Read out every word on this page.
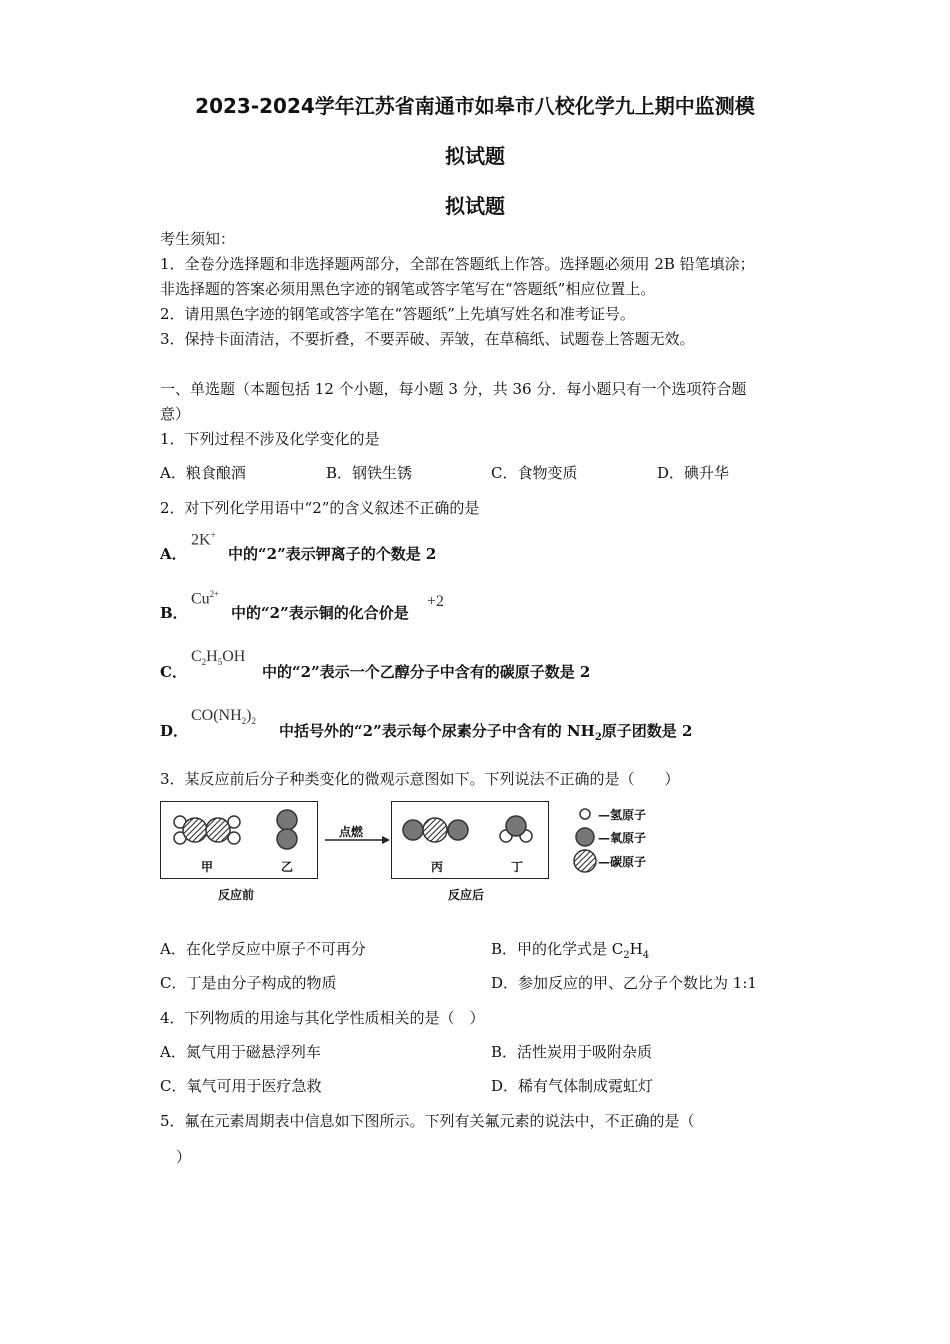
2023-2024学年江苏省南通市如皋市八校化学九上期中监测模
拟试题
拟试题
考生须知：
1．全卷分选择题和非选择题两部分，全部在答题纸上作答。选择题必须用 2B 铅笔填涂；
非选择题的答案必须用黑色字迹的钢笔或答字笔写在“答题纸”相应位置上。
2．请用黑色字迹的钢笔或答字笔在“答题纸”上先填写姓名和准考证号。
3．保持卡面清洁，不要折叠，不要弄破、弄皱，在草稿纸、试题卷上答题无效。
一、单选题（本题包括 12 个小题，每小题 3 分，共 36 分．每小题只有一个选项符合题
意）
1．下列过程不涉及化学变化的是
A．粮食酿酒	B．钢铁生锈	C．食物变质	D．碘升华
2．对下列化学用语中“2”的含义叙述不正确的是
A．
2K+
中的“2”表示钾离子的个数是 2
B．
$Cu^{2+}$
中的“2”表示铜的化合价是
+2
C．
$C_2H_5OH$
中的“2”表示一个乙醇分子中含有的碳原子数是 2
D．
$CO(NH_2)_2$
中括号外的“2”表示每个尿素分子中含有的 $NH_2$原子团数是 2
3．某反应前后分子种类变化的微观示意图如下。下列说法不正确的是（　　）
甲	乙	丙	丁
点燃
反应前	反应后
—氢原子
—氧原子
—碳原子
A．在化学反应中原子不可再分	B．甲的化学式是 $C_2H_4$
C．丁是由分子构成的物质	D．参加反应的甲、乙分子个数比为 1:1
4．下列物质的用途与其化学性质相关的是（　）
A．氮气用于磁悬浮列车	B．活性炭用于吸附杂质
C．氧气可用于医疗急救	D．稀有气体制成霓虹灯
5．氟在元素周期表中信息如下图所示。下列有关氟元素的说法中，不正确的是（
）
